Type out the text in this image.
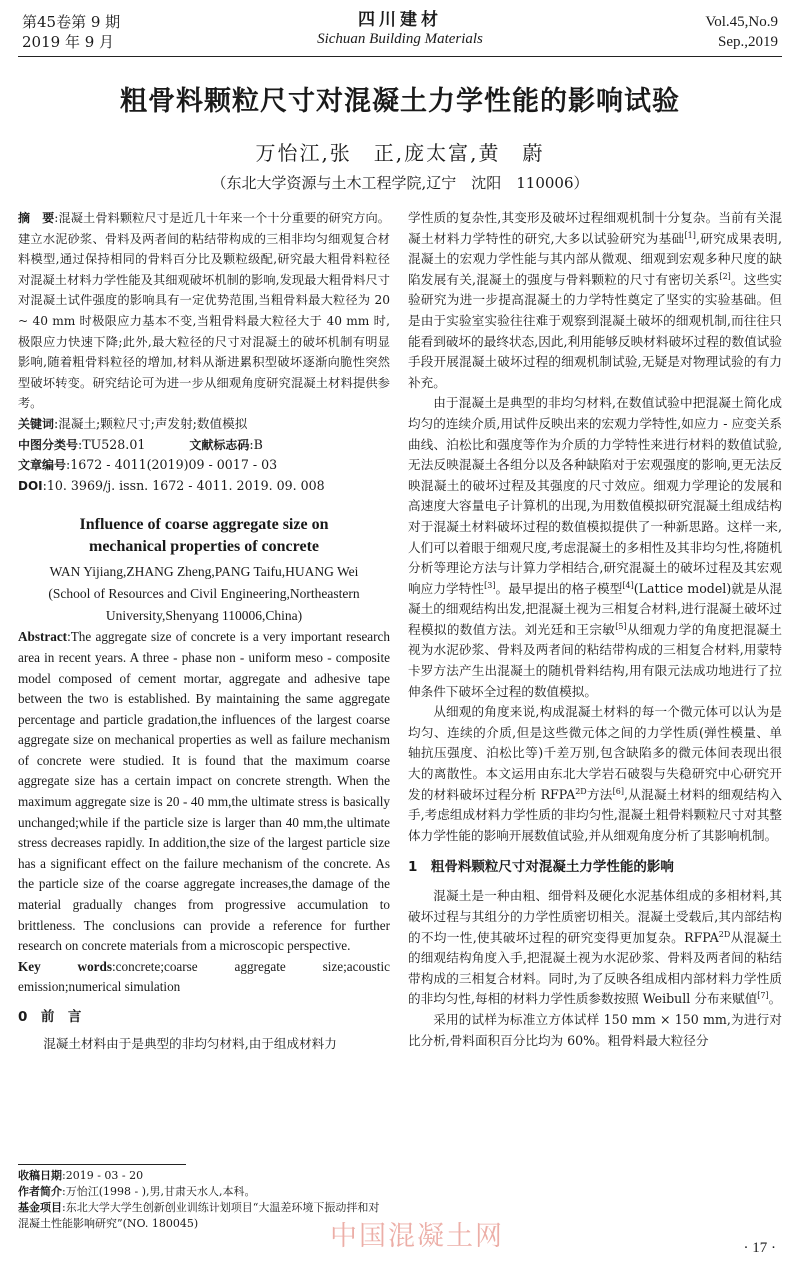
第45卷第 9 期
2019 年 9 月
四川建材
Sichuan Building Materials
Vol.45,No.9
Sep.,2019
粗骨料颗粒尺寸对混凝土力学性能的影响试验
万怡江,张　正,庞太富,黄　蔚
（东北大学资源与土木工程学院,辽宁　沈阳　110006）

摘　要:混凝土骨料颗粒尺寸是近几十年来一个十分重要的研究方向。建立水泥砂浆、骨料及两者间的粘结带构成的三相非均匀细观复合材料模型,通过保持相同的骨料百分比及颗粒级配,研究最大粗骨料粒径对混凝土材料力学性能及其细观破坏机制的影响,发现最大粗骨料尺寸对混凝土试件强度的影响具有一定优势范围,当粗骨料最大粒径为 20 ~ 40 mm 时极限应力基本不变,当粗骨料最大粒径大于 40 mm 时,极限应力快速下降;此外,最大粒径的尺寸对混凝土的破坏机制有明显影响,随着粗骨料粒径的增加,材料从渐进累积型破坏逐渐向脆性突然型破坏转变。研究结论可为进一步从细观角度研究混凝土材料提供参考。

关键词:混凝土;颗粒尺寸;声发射;数值模拟

中图分类号:TU528.01	文献标志码:B

文章编号:1672 - 4011(2019)09 - 0017 - 03

DOI:10. 3969/j. issn. 1672 - 4011. 2019. 09. 008

Influence of coarse aggregate size on

mechanical properties of concrete

WAN Yijiang,ZHANG Zheng,PANG Taifu,HUANG Wei

(School of Resources and Civil Engineering,Northeastern

University,Shenyang 110006,China)

Abstract:The aggregate size of concrete is a very important research area in recent years. A three - phase non - uniform meso - composite model composed of cement mortar, aggregate and adhesive tape between the two is established. By maintaining the same aggregate percentage and particle gradation,the influences of the largest coarse aggregate size on mechanical properties as well as failure mechanism of concrete were studied. It is found that the maximum coarse aggregate size has a certain impact on concrete strength. When the maximum aggregate size is 20 - 40 mm,the ultimate stress is basically unchanged;while if the particle size is larger than 40 mm,the ultimate stress decreases rapidly. In addition,the size of the largest particle size has a significant effect on the failure mechanism of the concrete. As the particle size of the coarse aggregate increases,the damage of the material gradually changes from progressive accumulation to brittleness. The conclusions can provide a reference for further research on concrete materials from a microscopic perspective.

Key words:concrete;coarse aggregate size;acoustic emission;numerical simulation

0　前　言

混凝土材料由于是典型的非均匀材料,由于组成材料力

收稿日期:2019 - 03 - 20
作者简介:万怡江(1998 - ),男,甘肃天水人,本科。
基金项目:东北大学大学生创新创业训练计划项目“大温差环境下振动拌和对混凝土性能影响研究”(NO. 180045)

学性质的复杂性,其变形及破坏过程细观机制十分复杂。当前有关混凝土材料力学特性的研究,大多以试验研究为基础[1],研究成果表明,混凝土的宏观力学性能与其内部从微观、细观到宏观多种尺度的缺陷发展有关,混凝土的强度与骨料颗粒的尺寸有密切关系[2]。这些实验研究为进一步提高混凝土的力学特性奠定了坚实的实验基础。但是由于实验室实验往往难于观察到混凝土破坏的细观机制,而往往只能看到破坏的最终状态,因此,利用能够反映材料破坏过程的数值试验手段开展混凝土破坏过程的细观机制试验,无疑是对物理试验的有力补充。

由于混凝土是典型的非均匀材料,在数值试验中把混凝土简化成均匀的连续介质,用试件反映出来的宏观力学特性,如应力 - 应变关系曲线、泊松比和强度等作为介质的力学特性来进行材料的数值试验,无法反映混凝土各组分以及各种缺陷对于宏观强度的影响,更无法反映混凝土的破坏过程及其强度的尺寸效应。细观力学理论的发展和高速度大容量电子计算机的出现,为用数值模拟研究混凝土组成结构对于混凝土材料破坏过程的数值模拟提供了一种新思路。这样一来,人们可以着眼于细观尺度,考虑混凝土的多相性及其非均匀性,将随机分析等理论方法与计算力学相结合,研究混凝土的破坏过程及其宏观响应力学特性[3]。最早提出的格子模型[4](Lattice model)就是从混凝土的细观结构出发,把混凝土视为三相复合材料,进行混凝土破坏过程模拟的数值方法。刘光廷和王宗敏[5]从细观力学的角度把混凝土视为水泥砂浆、骨料及两者间的粘结带构成的三相复合材料,用蒙特卡罗方法产生出混凝土的随机骨料结构,用有限元法成功地进行了拉伸条件下破坏全过程的数值模拟。

从细观的角度来说,构成混凝土材料的每一个微元体可以认为是均匀、连续的介质,但是这些微元体之间的力学性质(弹性模量、单轴抗压强度、泊松比等)千差万别,包含缺陷多的微元体间表现出很大的离散性。本文运用由东北大学岩石破裂与失稳研究中心研究开发的材料破坏过程分析 $RFPA^{2D}$方法[6],从混凝土材料的细观结构入手,考虑组成材料力学性质的非均匀性,混凝土粗骨料颗粒尺寸对其整体力学性能的影响开展数值试验,并从细观角度分析了其影响机制。

1　粗骨料颗粒尺寸对混凝土力学性能的影响

混凝土是一种由粗、细骨料及硬化水泥基体组成的多相材料,其破坏过程与其组分的力学性质密切相关。混凝土受载后,其内部结构的不均一性,使其破坏过程的研究变得更加复杂。$RFPA^{2D}$从混凝土的细观结构角度入手,把混凝土视为水泥砂浆、骨料及两者间的粘结带构成的三相复合材料。同时,为了反映各组成相内部材料力学性质的非均匀性,每相的材料力学性质参数按照 Weibull 分布来赋值[7]。

采用的试样为标准立方体试样 150 mm × 150 mm,为进行对比分析,骨料面积百分比均为 60%。粗骨料最大粒径分

中国混凝土网	· 17 ·
